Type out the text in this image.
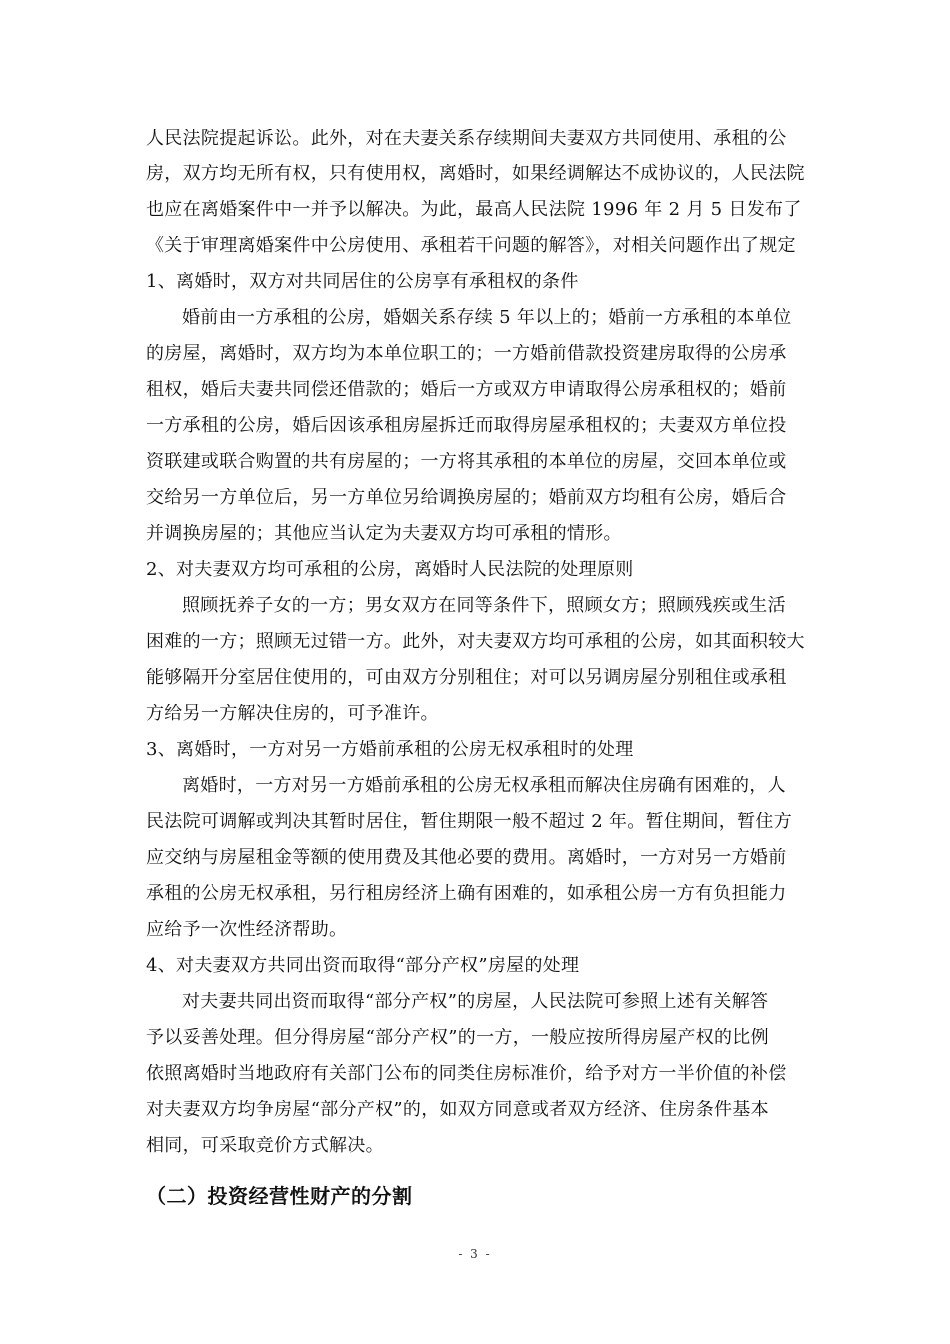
人民法院提起诉讼。此外，对在夫妻关系存续期间夫妻双方共同使用、承租的公
房，双方均无所有权，只有使用权，离婚时，如果经调解达不成协议的，人民法院
也应在离婚案件中一并予以解决。为此，最高人民法院 1996 年 2 月 5 日发布了
《关于审理离婚案件中公房使用、承租若干问题的解答》，对相关问题作出了规定
1、离婚时，双方对共同居住的公房享有承租权的条件
婚前由一方承租的公房，婚姻关系存续 5 年以上的；婚前一方承租的本单位
的房屋，离婚时，双方均为本单位职工的；一方婚前借款投资建房取得的公房承
租权，婚后夫妻共同偿还借款的；婚后一方或双方申请取得公房承租权的；婚前
一方承租的公房，婚后因该承租房屋拆迁而取得房屋承租权的；夫妻双方单位投
资联建或联合购置的共有房屋的；一方将其承租的本单位的房屋，交回本单位或
交给另一方单位后，另一方单位另给调换房屋的；婚前双方均租有公房，婚后合
并调换房屋的；其他应当认定为夫妻双方均可承租的情形。
2、对夫妻双方均可承租的公房，离婚时人民法院的处理原则
照顾抚养子女的一方；男女双方在同等条件下，照顾女方；照顾残疾或生活
困难的一方；照顾无过错一方。此外，对夫妻双方均可承租的公房，如其面积较大
能够隔开分室居住使用的，可由双方分别租住；对可以另调房屋分别租住或承租
方给另一方解决住房的，可予准许。
3、离婚时，一方对另一方婚前承租的公房无权承租时的处理
离婚时，一方对另一方婚前承租的公房无权承租而解决住房确有困难的，人
民法院可调解或判决其暂时居住，暂住期限一般不超过 2 年。暂住期间，暂住方
应交纳与房屋租金等额的使用费及其他必要的费用。离婚时，一方对另一方婚前
承租的公房无权承租，另行租房经济上确有困难的，如承租公房一方有负担能力
应给予一次性经济帮助。
4、对夫妻双方共同出资而取得“部分产权”房屋的处理
对夫妻共同出资而取得“部分产权”的房屋，人民法院可参照上述有关解答
予以妥善处理。但分得房屋“部分产权”的一方，一般应按所得房屋产权的比例
依照离婚时当地政府有关部门公布的同类住房标准价，给予对方一半价值的补偿
对夫妻双方均争房屋“部分产权”的，如双方同意或者双方经济、住房条件基本
相同，可采取竞价方式解决。
（二）投资经营性财产的分割
- 3 -
